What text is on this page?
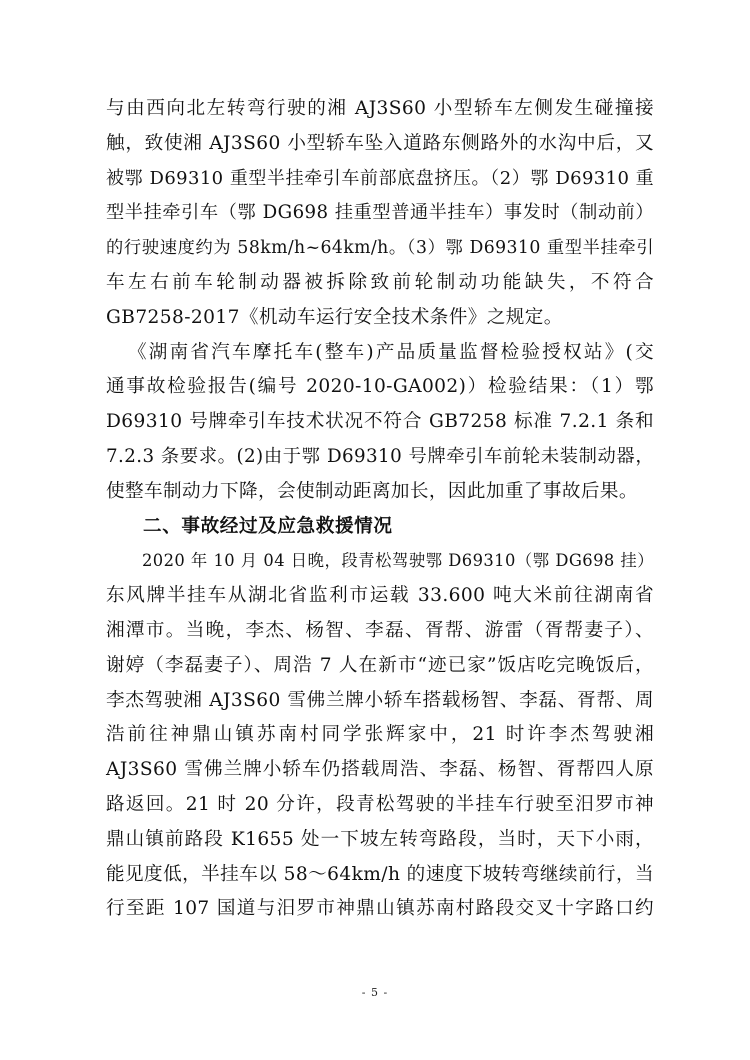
与由西向北左转弯行驶的湘 AJ3S60 小型轿车左侧发生碰撞接
触，致使湘 AJ3S60 小型轿车坠入道路东侧路外的水沟中后，又
被鄂 D69310 重型半挂牵引车前部底盘挤压。（2）鄂 D69310 重
型半挂牵引车（鄂 DG698 挂重型普通半挂车）事发时（制动前）
的行驶速度约为 58km/h~64km/h。（3）鄂 D69310 重型半挂牵引
车左右前车轮制动器被拆除致前轮制动功能缺失，不符合
GB7258-2017《机动车运行安全技术条件》之规定。

《湖南省汽车摩托车(整车)产品质量监督检验授权站》(交
通事故检验报告(编号 2020-10-GA002)）检验结果：（1）鄂
D69310 号牌牵引车技术状况不符合 GB7258 标准 7.2.1 条和
7.2.3 条要求。(2)由于鄂 D69310 号牌牵引车前轮未装制动器，
使整车制动力下降，会使制动距离加长，因此加重了事故后果。

二、事故经过及应急救援情况

2020 年 10 月 04 日晚，段青松驾驶鄂 D69310（鄂 DG698 挂）
东风牌半挂车从湖北省监利市运载 33.600 吨大米前往湖南省
湘潭市。当晚，李杰、杨智、李磊、胥帮、游雷（胥帮妻子）、
谢婷（李磊妻子）、周浩 7 人在新市“迹已家”饭店吃完晚饭后，
李杰驾驶湘 AJ3S60 雪佛兰牌小轿车搭载杨智、李磊、胥帮、周
浩前往神鼎山镇苏南村同学张辉家中，21 时许李杰驾驶湘
AJ3S60 雪佛兰牌小轿车仍搭载周浩、李磊、杨智、胥帮四人原
路返回。21 时 20 分许，段青松驾驶的半挂车行驶至汨罗市神
鼎山镇前路段 K1655 处一下坡左转弯路段，当时，天下小雨，
能见度低，半挂车以 58～64km/h 的速度下坡转弯继续前行，当
行至距 107 国道与汨罗市神鼎山镇苏南村路段交叉十字路口约

- 5 -
